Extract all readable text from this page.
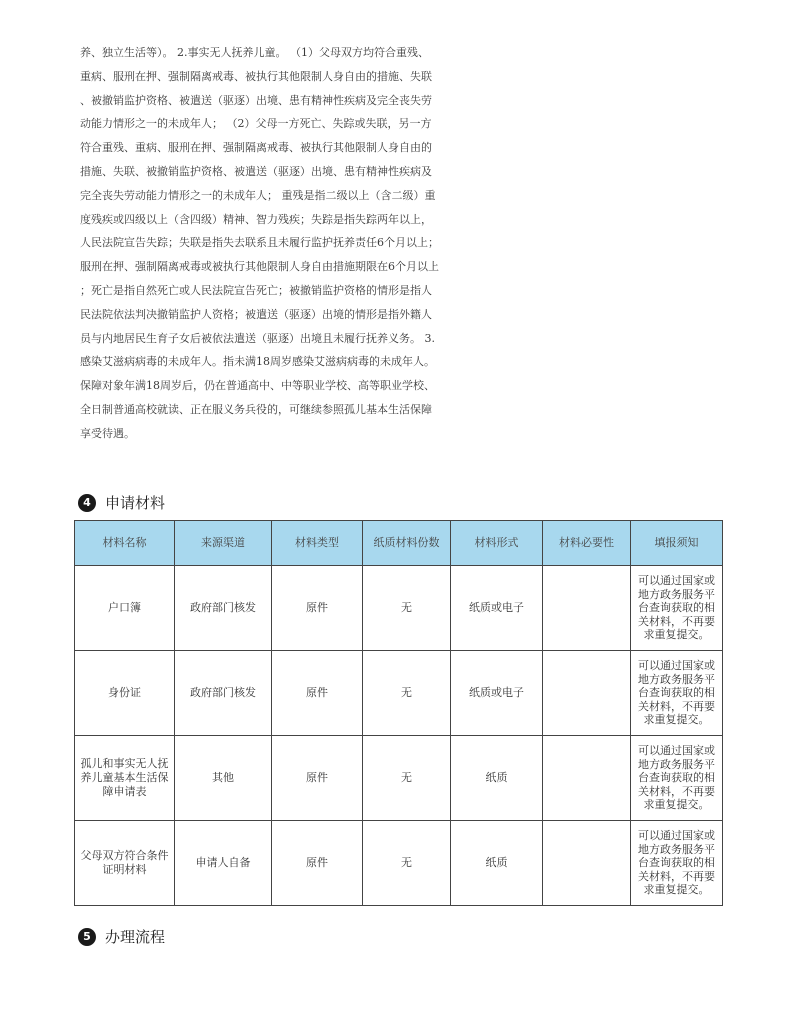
养、独立生活等）。 2.事实无人抚养儿童。 （1）父母双方均符合重残、
重病、服刑在押、强制隔离戒毒、被执行其他限制人身自由的措施、失联
、被撤销监护资格、被遣送（驱逐）出境、患有精神性疾病及完全丧失劳
动能力情形之一的未成年人； （2）父母一方死亡、失踪或失联，另一方
符合重残、重病、服刑在押、强制隔离戒毒、被执行其他限制人身自由的
措施、失联、被撤销监护资格、被遣送（驱逐）出境、患有精神性疾病及
完全丧失劳动能力情形之一的未成年人； 重残是指二级以上（含二级）重
度残疾或四级以上（含四级）精神、智力残疾；失踪是指失踪两年以上，
人民法院宣告失踪；失联是指失去联系且未履行监护抚养责任6个月以上；
服刑在押、强制隔离戒毒或被执行其他限制人身自由措施期限在6个月以上
；死亡是指自然死亡或人民法院宣告死亡；被撤销监护资格的情形是指人
民法院依法判决撤销监护人资格；被遣送（驱逐）出境的情形是指外籍人
员与内地居民生育子女后被依法遣送（驱逐）出境且未履行抚养义务。 3.
感染艾滋病病毒的未成年人。指未满18周岁感染艾滋病病毒的未成年人。
保障对象年满18周岁后，仍在普通高中、中等职业学校、高等职业学校、
全日制普通高校就读、正在服义务兵役的，可继续参照孤儿基本生活保障
享受待遇。
4 申请材料
材料名称	来源渠道	材料类型	纸质材料份数	材料形式	材料必要性	填报须知
户口簿	政府部门核发	原件	无	纸质或电子		可以通过国家或地方政务服务平台查询获取的相关材料，不再要求重复提交。
身份证	政府部门核发	原件	无	纸质或电子		可以通过国家或地方政务服务平台查询获取的相关材料，不再要求重复提交。
孤儿和事实无人抚养儿童基本生活保障申请表	其他	原件	无	纸质		可以通过国家或地方政务服务平台查询获取的相关材料，不再要求重复提交。
父母双方符合条件证明材料	申请人自备	原件	无	纸质		可以通过国家或地方政务服务平台查询获取的相关材料，不再要求重复提交。
5 办理流程
